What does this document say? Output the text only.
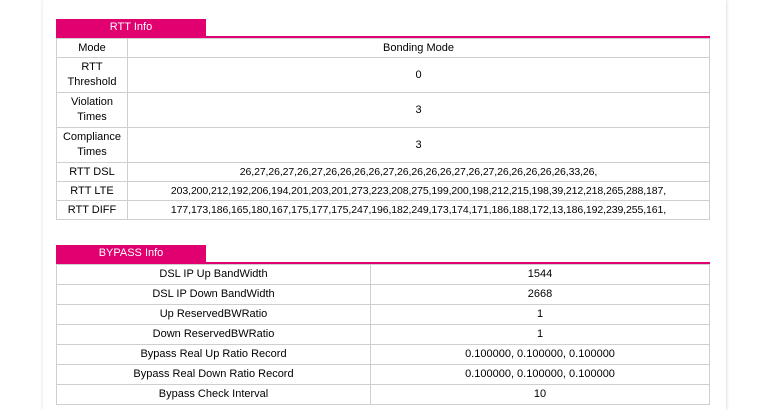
RTT Info
Mode	Bonding Mode
RTT Threshold	0
Violation Times	3
Compliance Times	3
RTT DSL	26,27,26,27,26,27,26,26,26,26,27,26,26,26,26,27,26,27,26,26,26,26,26,33,26,
RTT LTE	203,200,212,192,206,194,201,203,201,273,223,208,275,199,200,198,212,215,198,39,212,218,265,288,187,
RTT DIFF	177,173,186,165,180,167,175,177,175,247,196,182,249,173,174,171,186,188,172,13,186,192,239,255,161,
BYPASS Info
DSL IP Up BandWidth	1544
DSL IP Down BandWidth	2668
Up ReservedBWRatio	1
Down ReservedBWRatio	1
Bypass Real Up Ratio Record	0.100000, 0.100000, 0.100000
Bypass Real Down Ratio Record	0.100000, 0.100000, 0.100000
Bypass Check Interval	10
